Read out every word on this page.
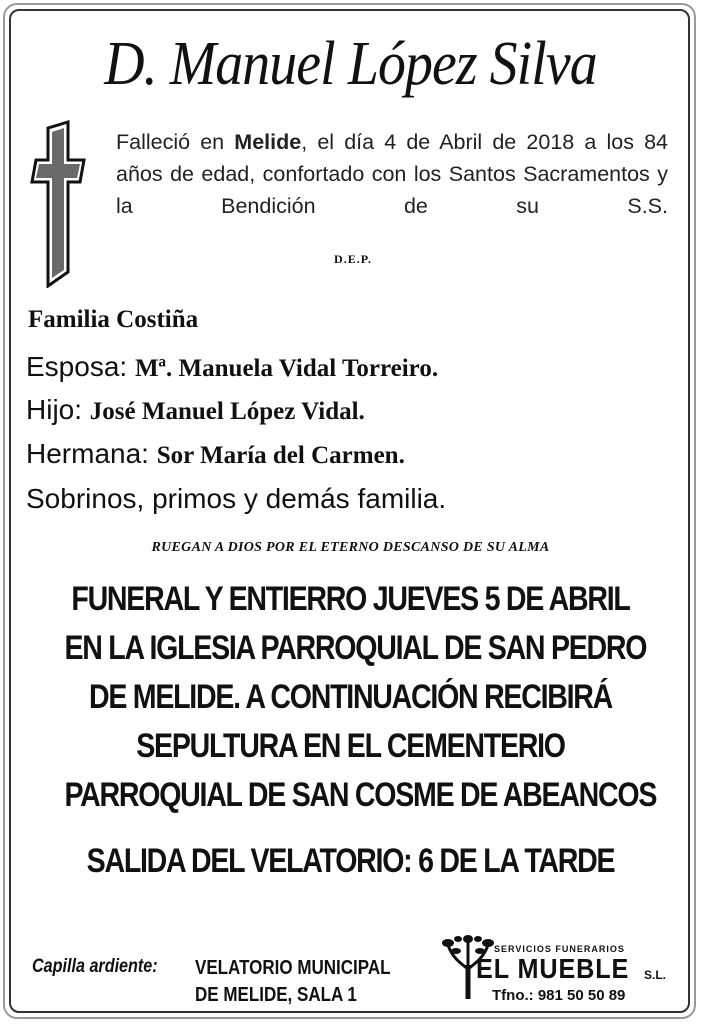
D. Manuel López Silva
Falleció en Melide, el día 4 de Abril de 2018 a los 84 años de edad, confortado con los Santos Sacramentos y la Bendición de su S.S.
D.E.P.
Familia Costiña
Esposa: Mª. Manuela Vidal Torreiro.
Hijo: José Manuel López Vidal.
Hermana: Sor María del Carmen.
Sobrinos, primos y demás familia.
RUEGAN A DIOS POR EL ETERNO DESCANSO DE SU ALMA
FUNERAL Y ENTIERRO JUEVES 5 DE ABRIL
EN LA IGLESIA PARROQUIAL DE SAN PEDRO
DE MELIDE. A CONTINUACIÓN RECIBIRÁ
SEPULTURA EN EL CEMENTERIO
PARROQUIAL DE SAN COSME DE ABEANCOS
SALIDA DEL VELATORIO: 6 DE LA TARDE
Capilla ardiente: VELATORIO MUNICIPAL
DE MELIDE, SALA 1
SERVICIOS FUNERARIOS
EL MUEBLE S.L.
Tfno.: 981 50 50 89
